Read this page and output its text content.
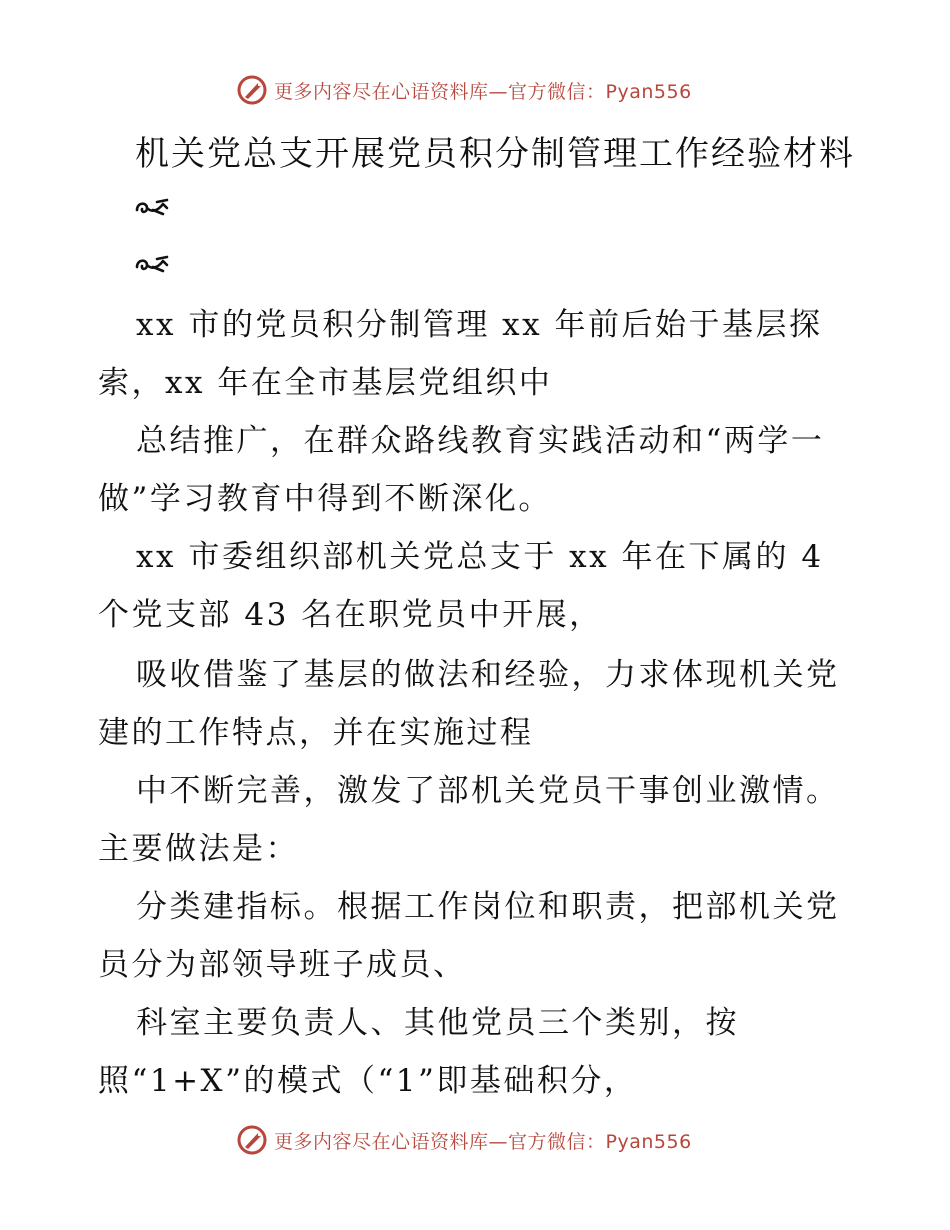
更多内容尽在心语资料库—官方微信：Pyan556
机关党总支开展党员积分制管理工作经验材料
xx 市的党员积分制管理 xx 年前后始于基层探
索，xx 年在全市基层党组织中
总结推广，在群众路线教育实践活动和“两学一
做”学习教育中得到不断深化。
xx 市委组织部机关党总支于 xx 年在下属的 4
个党支部 43 名在职党员中开展，
吸收借鉴了基层的做法和经验，力求体现机关党
建的工作特点，并在实施过程
中不断完善，激发了部机关党员干事创业激情。
主要做法是：
分类建指标。根据工作岗位和职责，把部机关党
员分为部领导班子成员、
科室主要负责人、其他党员三个类别，按
照“1+X”的模式（“1”即基础积分，
更多内容尽在心语资料库—官方微信：Pyan556
